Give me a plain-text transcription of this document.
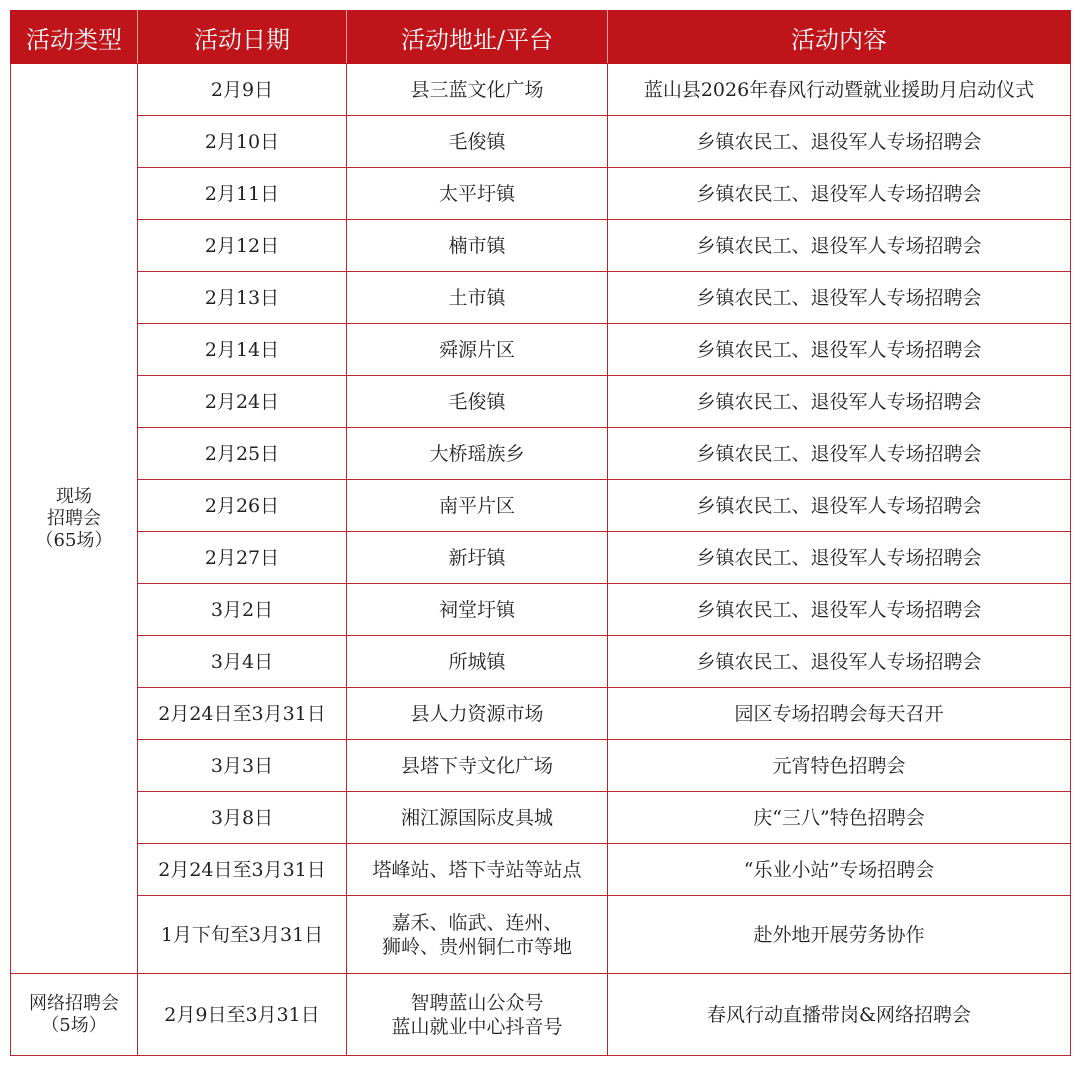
活动类型	活动日期	活动地址/平台	活动内容

现场
招聘会
（65场）	2月9日	县三蓝文化广场	蓝山县2026年春风行动暨就业援助月启动仪式
	2月10日	毛俊镇	乡镇农民工、退役军人专场招聘会
	2月11日	太平圩镇	乡镇农民工、退役军人专场招聘会
	2月12日	楠市镇	乡镇农民工、退役军人专场招聘会
	2月13日	土市镇	乡镇农民工、退役军人专场招聘会
	2月14日	舜源片区	乡镇农民工、退役军人专场招聘会
	2月24日	毛俊镇	乡镇农民工、退役军人专场招聘会
	2月25日	大桥瑶族乡	乡镇农民工、退役军人专场招聘会
	2月26日	南平片区	乡镇农民工、退役军人专场招聘会
	2月27日	新圩镇	乡镇农民工、退役军人专场招聘会
	3月2日	祠堂圩镇	乡镇农民工、退役军人专场招聘会
	3月4日	所城镇	乡镇农民工、退役军人专场招聘会
	2月24日至3月31日	县人力资源市场	园区专场招聘会每天召开
	3月3日	县塔下寺文化广场	元宵特色招聘会
	3月8日	湘江源国际皮具城	庆“三八”特色招聘会
	2月24日至3月31日	塔峰站、塔下寺站等站点	“乐业小站”专场招聘会
	1月下旬至3月31日	嘉禾、临武、连州、
狮岭、贵州铜仁市等地	赴外地开展劳务协作

网络招聘会
（5场）	2月9日至3月31日	智聘蓝山公众号
蓝山就业中心抖音号	春风行动直播带岗&网络招聘会
